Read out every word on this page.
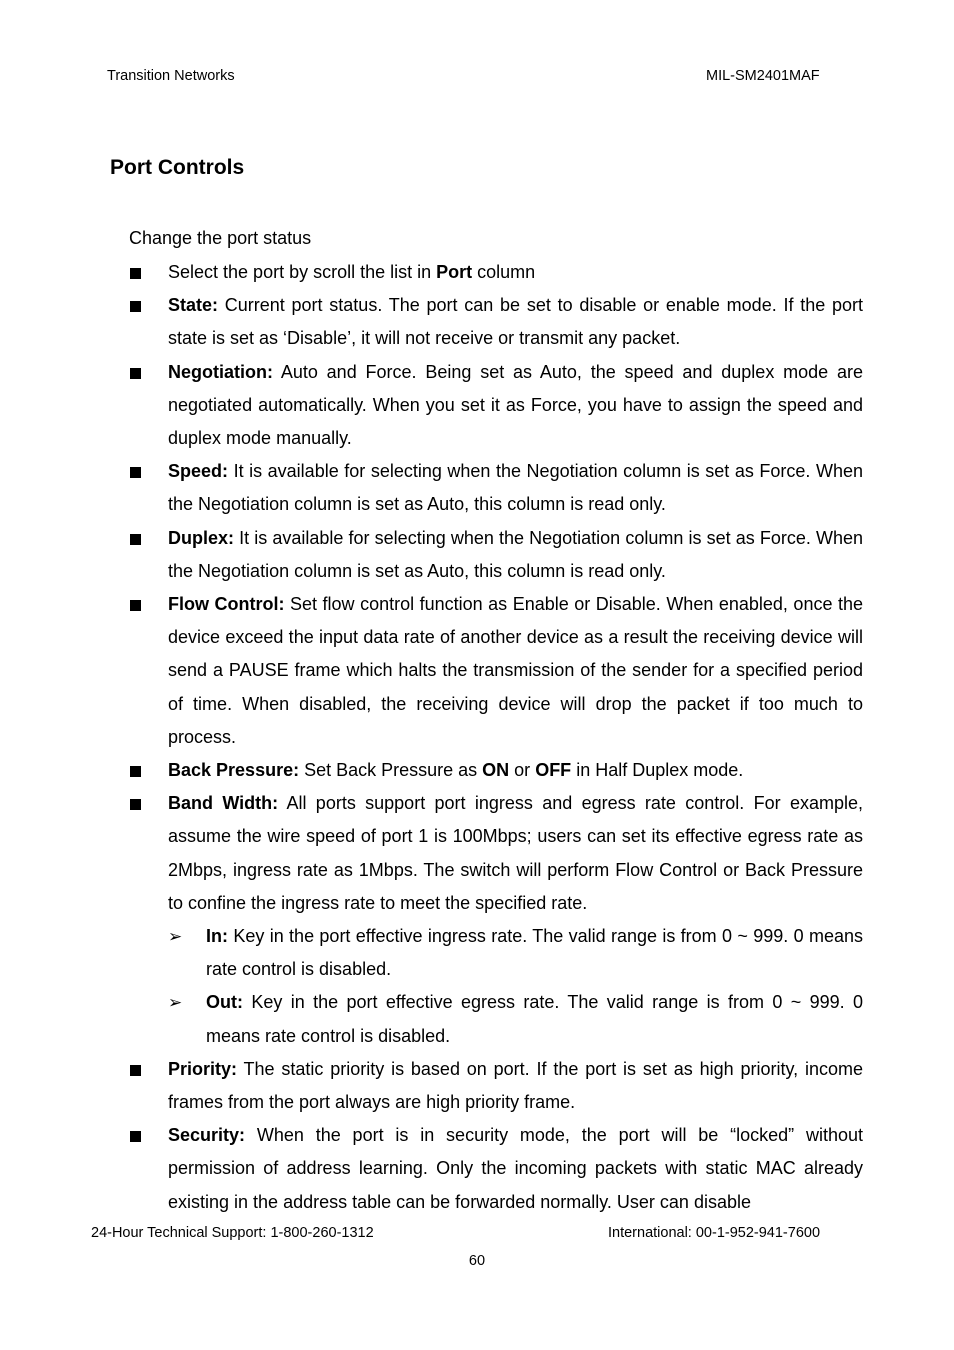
Transition Networks	MIL-SM2401MAF
Port Controls
Change the port status
Select the port by scroll the list in Port column
State: Current port status. The port can be set to disable or enable mode. If the port state is set as ‘Disable’, it will not receive or transmit any packet.
Negotiation: Auto and Force. Being set as Auto, the speed and duplex mode are negotiated automatically. When you set it as Force, you have to assign the speed and duplex mode manually.
Speed: It is available for selecting when the Negotiation column is set as Force. When the Negotiation column is set as Auto, this column is read only.
Duplex: It is available for selecting when the Negotiation column is set as Force. When the Negotiation column is set as Auto, this column is read only.
Flow Control: Set flow control function as Enable or Disable. When enabled, once the device exceed the input data rate of another device as a result the receiving device will send a PAUSE frame which halts the transmission of the sender for a specified period of time. When disabled, the receiving device will drop the packet if too much to process.
Back Pressure: Set Back Pressure as ON or OFF in Half Duplex mode.
Band Width: All ports support port ingress and egress rate control. For example, assume the wire speed of port 1 is 100Mbps; users can set its effective egress rate as 2Mbps, ingress rate as 1Mbps. The switch will perform Flow Control or Back Pressure to confine the ingress rate to meet the specified rate.
➢ In: Key in the port effective ingress rate. The valid range is from 0 ~ 999. 0 means rate control is disabled.
➢ Out: Key in the port effective egress rate. The valid range is from 0 ~ 999. 0 means rate control is disabled.
Priority: The static priority is based on port. If the port is set as high priority, income frames from the port always are high priority frame.
Security: When the port is in security mode, the port will be “locked” without permission of address learning. Only the incoming packets with static MAC already existing in the address table can be forwarded normally. User can disable
24-Hour Technical Support: 1-800-260-1312	International: 00-1-952-941-7600
60
